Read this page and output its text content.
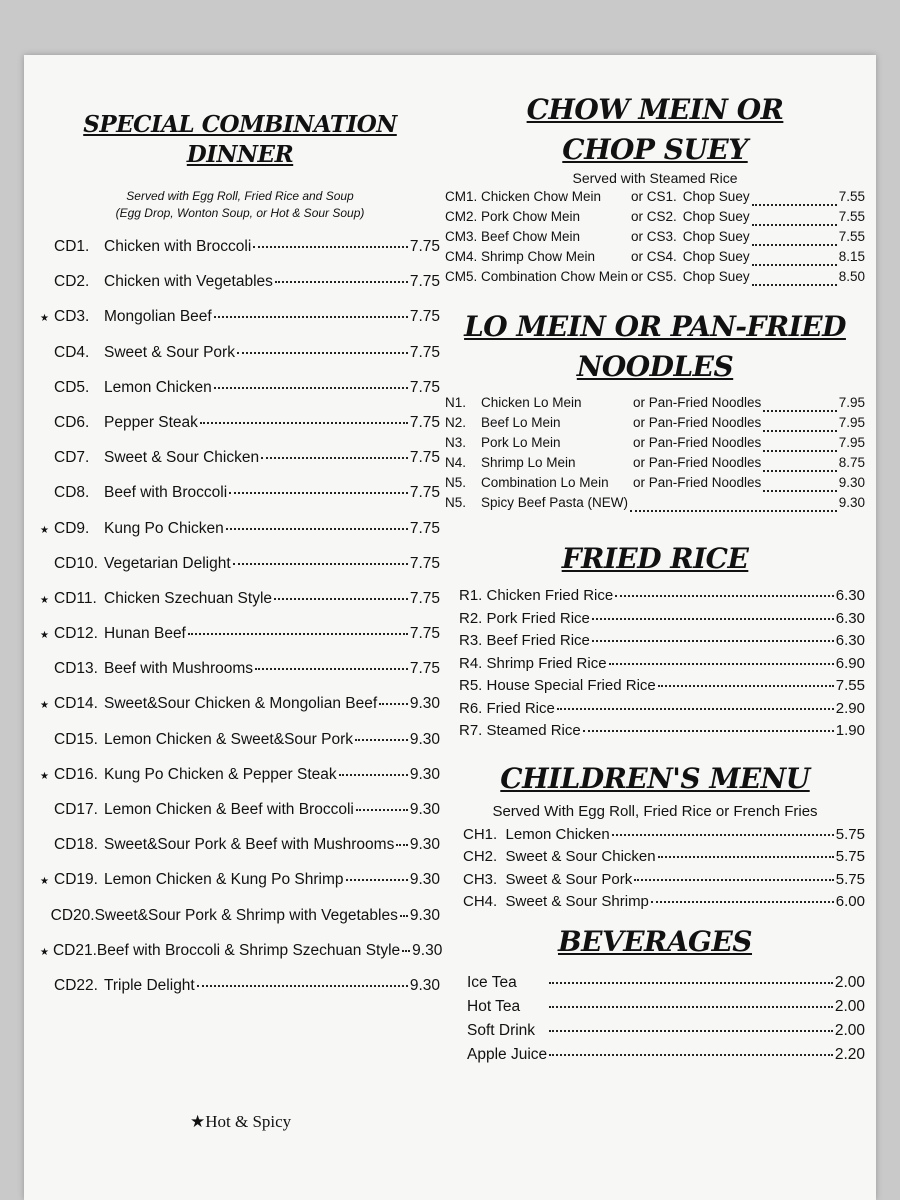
SPECIAL COMBINATION DINNER
Served with Egg Roll, Fried Rice and Soup
(Egg Drop, Wonton Soup, or Hot & Sour Soup)
CD1. Chicken with Broccoli	7.75
CD2. Chicken with Vegetables	7.75
★ CD3. Mongolian Beef	7.75
CD4. Sweet & Sour Pork	7.75
CD5. Lemon Chicken	7.75
CD6. Pepper Steak	7.75
CD7. Sweet & Sour Chicken	7.75
CD8. Beef with Broccoli	7.75
★ CD9. Kung Po Chicken	7.75
CD10. Vegetarian Delight	7.75
★ CD11. Chicken Szechuan Style	7.75
★ CD12. Hunan Beef	7.75
CD13. Beef with Mushrooms	7.75
★ CD14. Sweet&Sour Chicken & Mongolian Beef 9.30
CD15. Lemon Chicken & Sweet&Sour Pork	9.30
★ CD16. Kung Po Chicken & Pepper Steak	9.30
CD17. Lemon Chicken & Beef with Broccoli	9.30
CD18. Sweet&Sour Pork & Beef with Mushrooms 9.30
★ CD19. Lemon Chicken & Kung Po Shrimp	9.30
CD20. Sweet&Sour Pork & Shrimp with Vegetables 9.30
★ CD21. Beef with Broccoli & Shrimp Szechuan Style 9.30
CD22. Triple Delight	9.30
★Hot & Spicy
CHOW MEIN OR
CHOP SUEY
Served with Steamed Rice
CM1. Chicken Chow Mein	or CS1. Chop Suey	7.55
CM2. Pork Chow Mein	or CS2. Chop Suey	7.55
CM3. Beef Chow Mein	or CS3. Chop Suey	7.55
CM4. Shrimp Chow Mein	or CS4. Chop Suey	8.15
CM5. Combination Chow Mein or CS5. Chop Suey	8.50
LO MEIN OR PAN-FRIED
NOODLES
N1.	Chicken Lo Mein	or Pan-Fried Noodles	7.95
N2.	Beef Lo Mein	or Pan-Fried Noodles	7.95
N3.	Pork Lo Mein	or Pan-Fried Noodles	7.95
N4.	Shrimp Lo Mein	or Pan-Fried Noodles	8.75
N5.	Combination Lo Mein	or Pan-Fried Noodles	9.30
N5.	Spicy Beef Pasta (NEW)	9.30
FRIED RICE
R1. Chicken Fried Rice	6.30
R2. Pork Fried Rice	6.30
R3. Beef Fried Rice	6.30
R4. Shrimp Fried Rice	6.90
R5. House Special Fried Rice	7.55
R6. Fried Rice	2.90
R7. Steamed Rice	1.90
CHILDREN'S MENU
Served With Egg Roll, Fried Rice or French Fries
CH1.  Lemon Chicken	5.75
CH2.  Sweet & Sour Chicken	5.75
CH3.  Sweet & Sour Pork	5.75
CH4.  Sweet & Sour Shrimp	6.00
BEVERAGES
Ice Tea	2.00
Hot Tea	2.00
Soft Drink	2.00
Apple Juice	2.20
